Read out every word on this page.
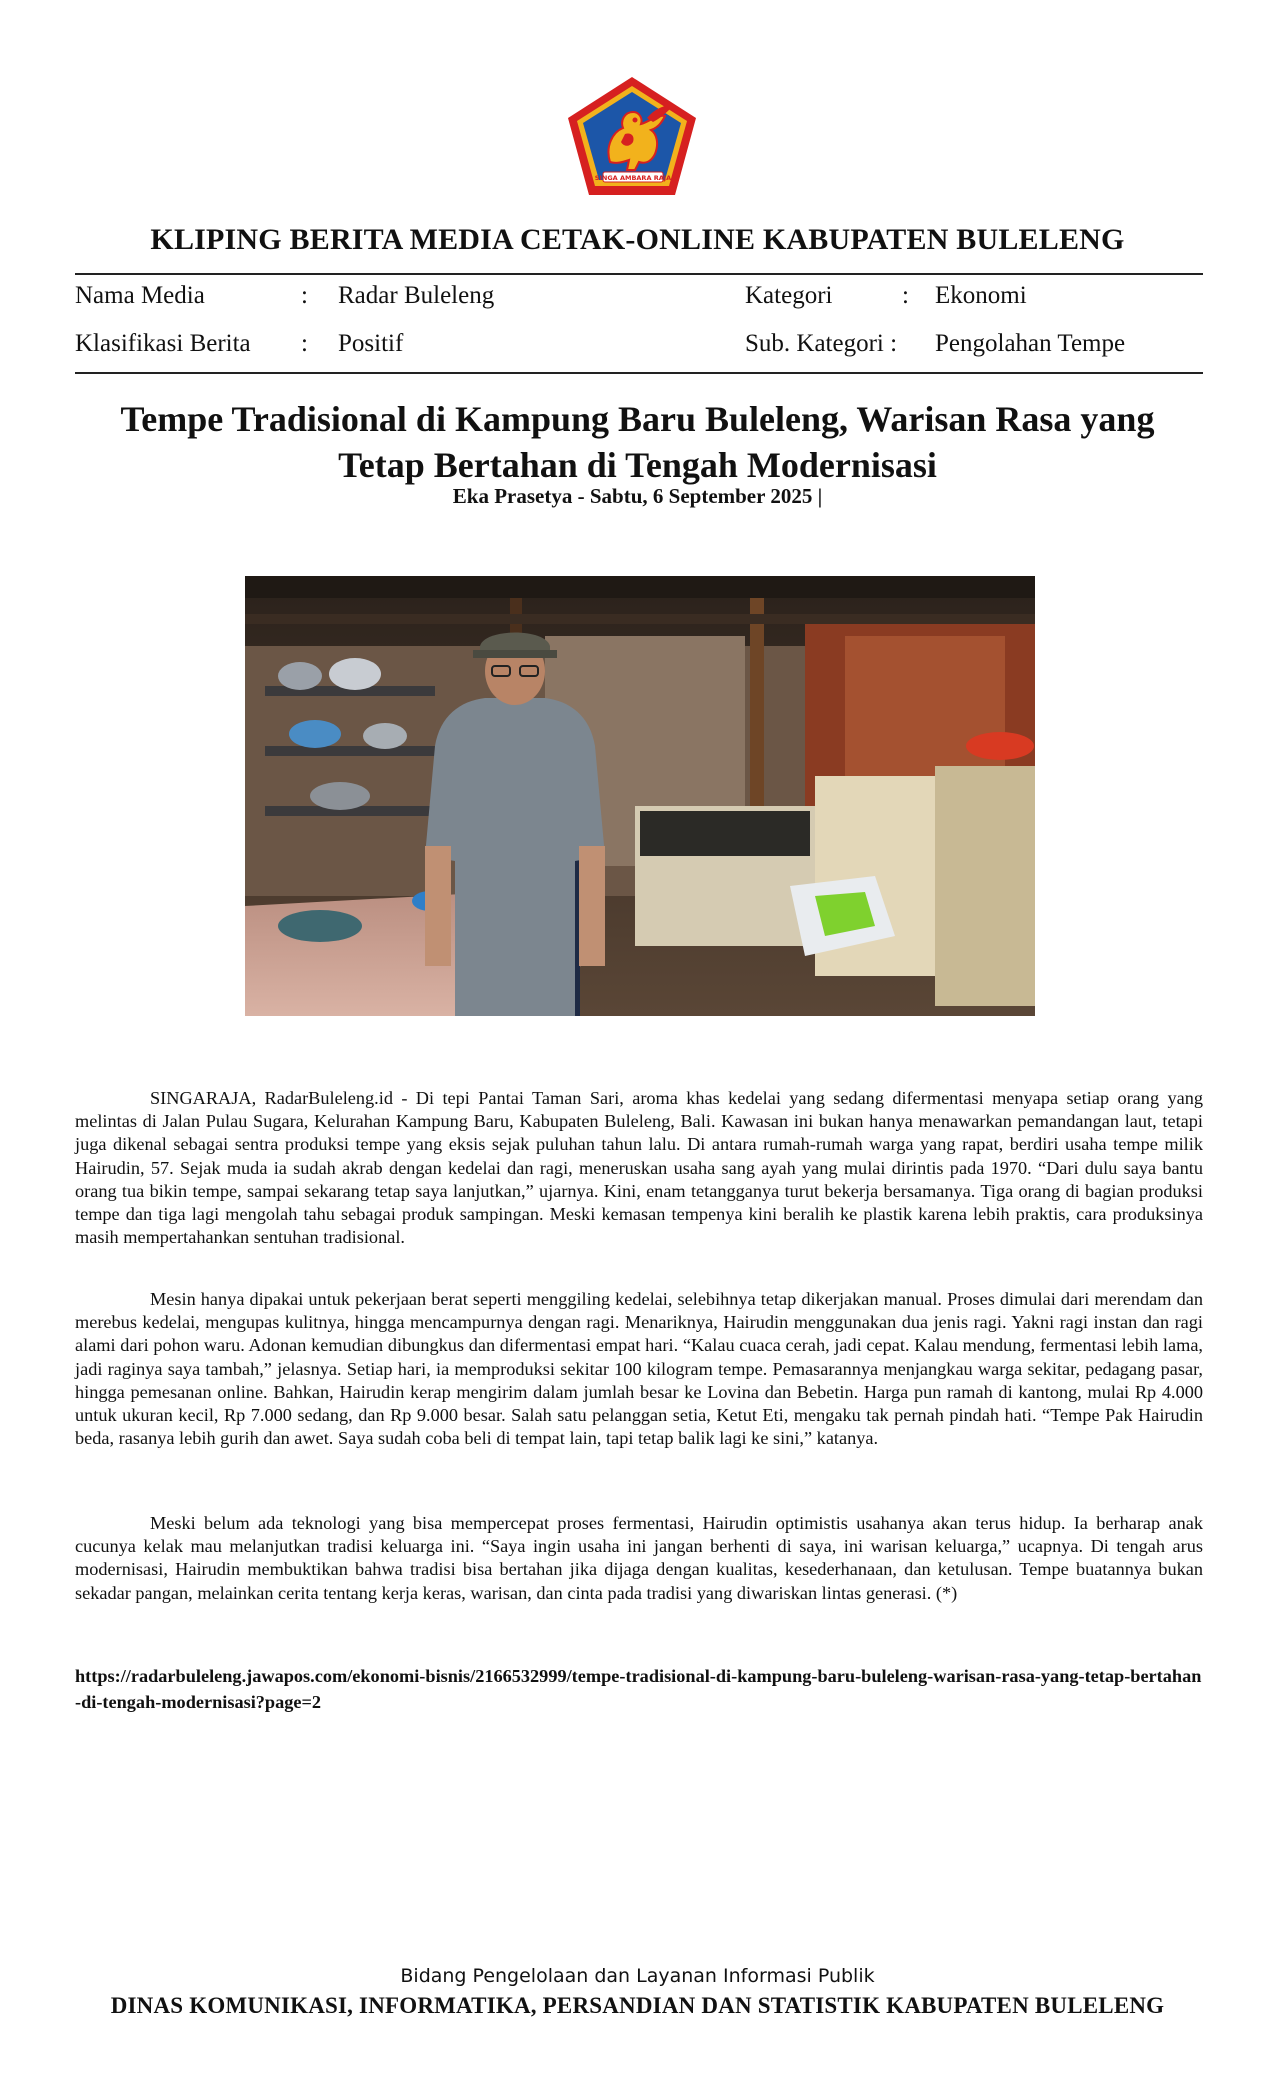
SINGA AMBARA RAJA
KLIPING BERITA MEDIA CETAK-ONLINE KABUPATEN BULELENG
Nama Media	: Radar Buleleng	Kategori	: Ekonomi
Klasifikasi Berita : Positif	Sub. Kategori : Pengolahan Tempe
Tempe Tradisional di Kampung Baru Buleleng, Warisan Rasa yang Tetap Bertahan di Tengah Modernisasi
Eka Prasetya - Sabtu, 6 September 2025 |

SINGARAJA, RadarBuleleng.id - Di tepi Pantai Taman Sari, aroma khas kedelai yang sedang difermentasi menyapa setiap orang yang melintas di Jalan Pulau Sugara, Kelurahan Kampung Baru, Kabupaten Buleleng, Bali. Kawasan ini bukan hanya menawarkan pemandangan laut, tetapi juga dikenal sebagai sentra produksi tempe yang eksis sejak puluhan tahun lalu. Di antara rumah-rumah warga yang rapat, berdiri usaha tempe milik Hairudin, 57. Sejak muda ia sudah akrab dengan kedelai dan ragi, meneruskan usaha sang ayah yang mulai dirintis pada 1970. “Dari dulu saya bantu orang tua bikin tempe, sampai sekarang tetap saya lanjutkan,” ujarnya. Kini, enam tetangganya turut bekerja bersamanya. Tiga orang di bagian produksi tempe dan tiga lagi mengolah tahu sebagai produk sampingan. Meski kemasan tempenya kini beralih ke plastik karena lebih praktis, cara produksinya masih mempertahankan sentuhan tradisional.

Mesin hanya dipakai untuk pekerjaan berat seperti menggiling kedelai, selebihnya tetap dikerjakan manual. Proses dimulai dari merendam dan merebus kedelai, mengupas kulitnya, hingga mencampurnya dengan ragi. Menariknya, Hairudin menggunakan dua jenis ragi. Yakni ragi instan dan ragi alami dari pohon waru. Adonan kemudian dibungkus dan difermentasi empat hari. “Kalau cuaca cerah, jadi cepat. Kalau mendung, fermentasi lebih lama, jadi raginya saya tambah,” jelasnya. Setiap hari, ia memproduksi sekitar 100 kilogram tempe. Pemasarannya menjangkau warga sekitar, pedagang pasar, hingga pemesanan online. Bahkan, Hairudin kerap mengirim dalam jumlah besar ke Lovina dan Bebetin. Harga pun ramah di kantong, mulai Rp 4.000 untuk ukuran kecil, Rp 7.000 sedang, dan Rp 9.000 besar. Salah satu pelanggan setia, Ketut Eti, mengaku tak pernah pindah hati. “Tempe Pak Hairudin beda, rasanya lebih gurih dan awet. Saya sudah coba beli di tempat lain, tapi tetap balik lagi ke sini,” katanya.

Meski belum ada teknologi yang bisa mempercepat proses fermentasi, Hairudin optimistis usahanya akan terus hidup. Ia berharap anak cucunya kelak mau melanjutkan tradisi keluarga ini. “Saya ingin usaha ini jangan berhenti di saya, ini warisan keluarga,” ucapnya. Di tengah arus modernisasi, Hairudin membuktikan bahwa tradisi bisa bertahan jika dijaga dengan kualitas, kesederhanaan, dan ketulusan. Tempe buatannya bukan sekadar pangan, melainkan cerita tentang kerja keras, warisan, dan cinta pada tradisi yang diwariskan lintas generasi. (*)

https://radarbuleleng.jawapos.com/ekonomi-bisnis/2166532999/tempe-tradisional-di-kampung-baru-buleleng-warisan-rasa-yang-tetap-bertahan-di-tengah-modernisasi?page=2
Bidang Pengelolaan dan Layanan Informasi Publik
DINAS KOMUNIKASI, INFORMATIKA, PERSANDIAN DAN STATISTIK KABUPATEN BULELENG
